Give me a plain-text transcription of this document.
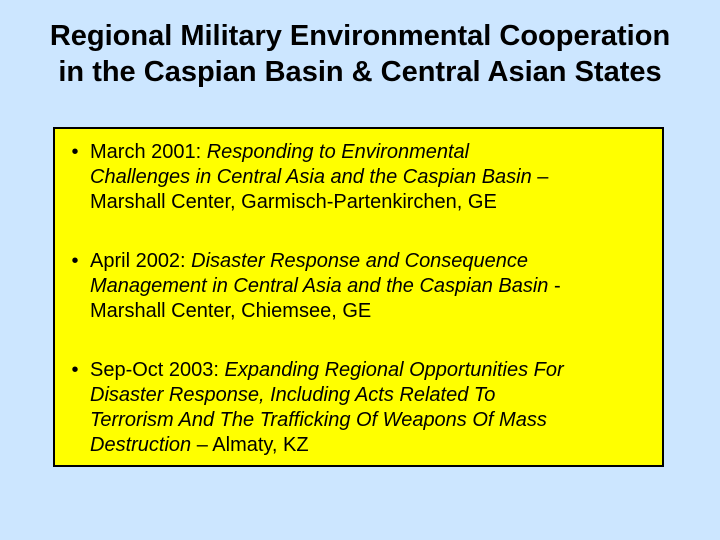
Regional Military Environmental Cooperation
in the Caspian Basin & Central Asian States
• March 2001: Responding to Environmental
Challenges in Central Asia and the Caspian Basin –
Marshall Center, Garmisch-Partenkirchen, GE
• April 2002: Disaster Response and Consequence
Management in Central Asia and the Caspian Basin -
Marshall Center, Chiemsee, GE
• Sep-Oct 2003: Expanding Regional Opportunities For
Disaster Response, Including Acts Related To
Terrorism And The Trafficking Of Weapons Of Mass
Destruction – Almaty, KZ
